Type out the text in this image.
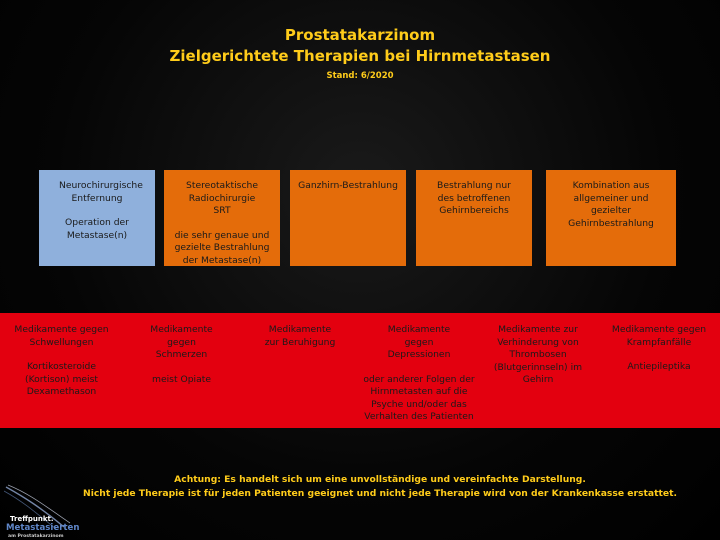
Prostatakarzinom
Zielgerichtete Therapien bei Hirnmetastasen
Stand: 6/2020

Neurochirurgische Entfernung

Operation der Metastase(n)

Stereotaktische Radiochirurgie SRT

die sehr genaue und gezielte Bestrahlung der Metastase(n)

Ganzhirn-Bestrahlung	Bestrahlung nur des betroffenen Gehirnbereichs

Kombination aus allgemeiner und gezielter Gehirnbestrahlung

Medikamente gegen Schwellungen

Kortikosteroide (Kortison) meist Dexamethason

Medikamente gegen Schmerzen

meist Opiate

Medikamente zur Beruhigung

Medikamente gegen Depressionen

oder anderer Folgen der Hirnmetasten auf die Psyche und/oder das Verhalten des Patienten

Medikamente zur Verhinderung von Thrombosen (Blutgerinnseln) im Gehirn

Medikamente gegen Krampfanfälle

Antiepileptika

Achtung: Es handelt sich um eine unvollständige und vereinfachte Darstellung.
Nicht jede Therapie ist für jeden Patienten geeignet und nicht jede Therapie wird von der Krankenkasse erstattet.
Treffpunkt.
Metastasierten
am Prostatakarzinom
